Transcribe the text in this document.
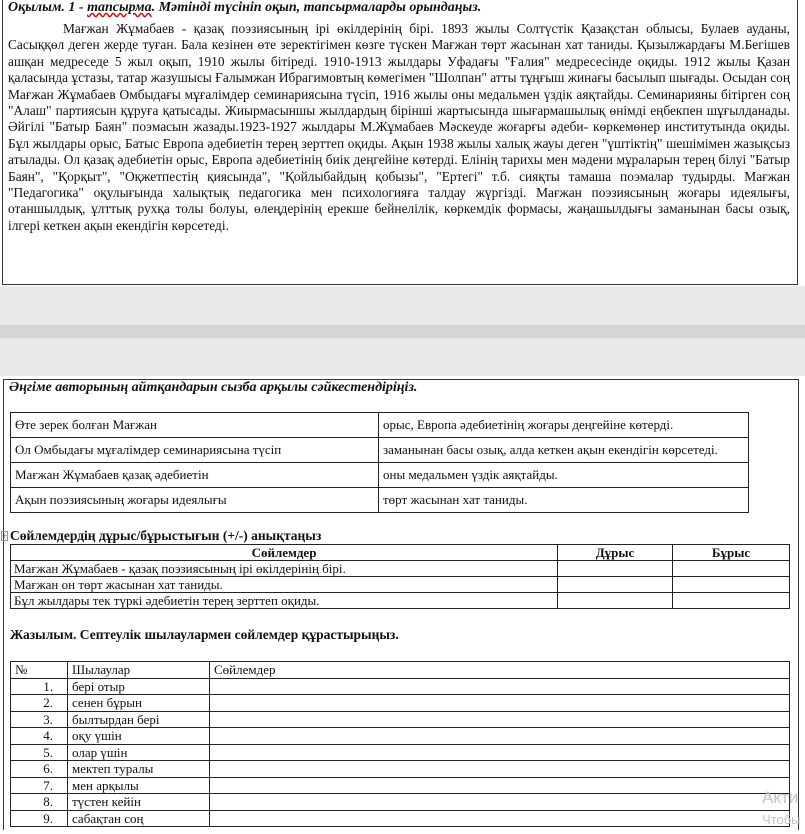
Оқылым. 1 - тапсырма. Мәтінді түсініп оқып, тапсырмаларды орындаңыз.
Мағжан Жұмабаев - қазақ поэзиясының ірі өкілдерінің бірі. 1893 жылы Солтүстік Қазақстан облысы, Булаев ауданы, Сасыққөл деген жерде туған. Бала кезінен өте зеректігімен көзге түскен Мағжан төрт жасынан хат таниды. Қызылжардағы М.Бегішев ашқан медреседе 5 жыл оқып, 1910 жылы бітіреді. 1910-1913 жылдары Уфадағы "Ғалия" медресесінде оқиды. 1912 жылы Қазан қаласында ұстазы, татар жазушысы Ғалымжан Ибрагимовтың көмегімен "Шолпан" атты тұңғыш жинағы басылып шығады. Осыдан соң Мағжан Жұмабаев Омбыдағы мұғалімдер семинариясына түсіп, 1916 жылы оны медальмен үздік аяқтайды. Семинарияны бітірген соң "Алаш" партиясын құруға қатысады. Жиырмасыншы жылдардың бірінші жартысында шығармашылық өнімді еңбекпен шұғылданады. Әйгілі "Батыр Баян" поэмасын жазады.1923-1927 жылдары М.Жұмабаев Мәскеуде жоғарғы әдеби- көркемөнер институтында оқиды. Бұл жылдары орыс, Батыс Европа әдебиетін терең зерттеп оқиды. Ақын 1938 жылы халық жауы деген "үштіктің" шешімімен жазықсыз атылады. Ол қазақ әдебиетін орыс, Европа әдебиетінің биік деңгейіне көтерді. Елінің тарихы мен мәдени мұраларын терең білуі "Батыр Баян", "Қорқыт", "Оқжетпестің қиясында", "Қойлыбайдың қобызы", "Ертегі" т.б. сияқты тамаша поэмалар тудырды. Мағжан "Педагогика" оқулығында халықтық педагогика мен психологияға талдау жүргізді. Мағжан поэзиясының жоғары идеялығы, отаншылдық, ұлттық рухқа толы болуы, өлеңдерінің ерекше бейнелілік, көркемдік формасы, жаңашылдығы заманынан басы озық, ілгері кеткен ақын екендігін көрсетеді.
Әңгіме авторының айтқандарын сызба арқылы сәйкестендіріңіз.
Өте зерек болған Мағжан	орыс, Европа әдебиетінің жоғары деңгейіне көтерді.
Ол Омбыдағы мұғалімдер семинариясына түсіп	заманынан басы озық, алда кеткен ақын екендігін көрсетеді.
Мағжан Жұмабаев қазақ әдебиетін	оны медальмен үздік аяқтайды.
Ақын поэзиясының жоғары идеялығы	төрт жасынан хат таниды.
Сөйлемдердің дұрыс/бұрыстығын (+/-) анықтаңыз
+
Сөйлемдер	Дұрыс	Бұрыс
Мағжан Жұмабаев - қазақ поэзиясының ірі өкілдерінің бірі.		
Мағжан он төрт жасынан хат таниды.		
Бұл жылдары тек түркі әдебиетін терең зерттеп оқиды.		
Жазылым. Септеулік шылаулармен сөйлемдер құрастырыңыз.
№	Шылаулар	Сөйлемдер
1.	бері отыр	
2.	сенен бұрын	
3.	былтырдан бері	
4.	оқу үшін	
5.	олар үшін	
6.	мектеп туралы	
7.	мен арқылы	
8.	түстен кейін	
9.	сабақтан соң	
Акти
Чтобы
